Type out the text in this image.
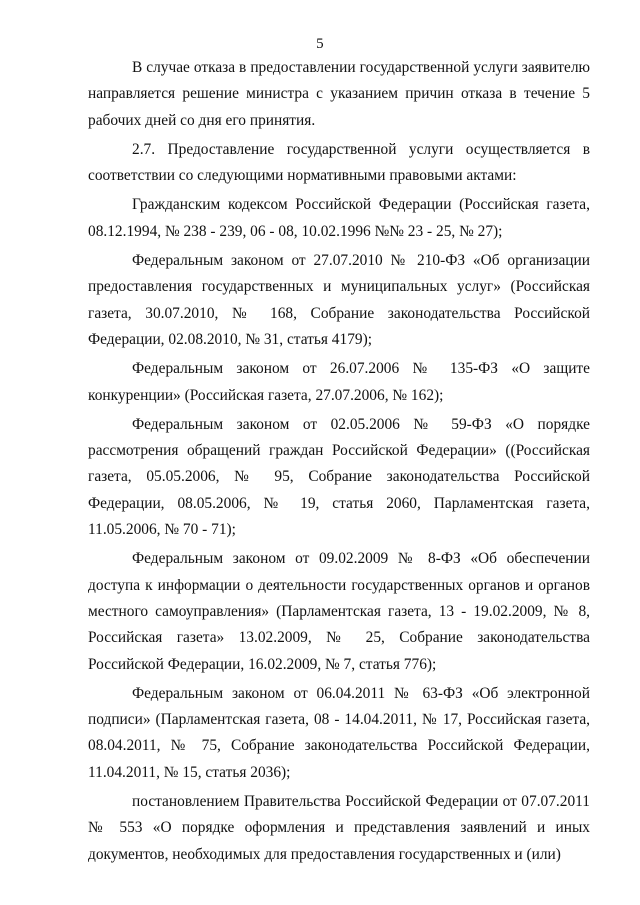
5

В случае отказа в предоставлении государственной услуги заявителю направляется решение министра с указанием причин отказа в течение 5 рабочих дней со дня его принятия.

2.7. Предоставление государственной услуги осуществляется в соответствии со следующими нормативными правовыми актами:

Гражданским кодексом Российской Федерации (Российская газета, 08.12.1994, № 238 - 239, 06 - 08, 10.02.1996 №№ 23 - 25, № 27);

Федеральным законом от 27.07.2010 № 210-ФЗ «Об организации предоставления государственных и муниципальных услуг» (Российская газета, 30.07.2010, № 168, Собрание законодательства Российской Федерации, 02.08.2010, № 31, статья 4179);

Федеральным законом от 26.07.2006 № 135-ФЗ «О защите конкуренции» (Российская газета, 27.07.2006, № 162);

Федеральным законом от 02.05.2006 № 59-ФЗ «О порядке рассмотрения обращений граждан Российской Федерации» ((Российская газета, 05.05.2006, № 95, Собрание законодательства Российской Федерации, 08.05.2006, № 19, статья 2060, Парламентская газета, 11.05.2006, № 70 - 71);

Федеральным законом от 09.02.2009 № 8-ФЗ «Об обеспечении доступа к информации о деятельности государственных органов и органов местного самоуправления» (Парламентская газета, 13 - 19.02.2009, № 8, Российская газета» 13.02.2009, № 25, Собрание законодательства Российской Федерации, 16.02.2009, № 7, статья 776);

Федеральным законом от 06.04.2011 № 63-ФЗ «Об электронной подписи» (Парламентская газета, 08 - 14.04.2011, № 17, Российская газета, 08.04.2011, № 75, Собрание законодательства Российской Федерации, 11.04.2011, № 15, статья 2036);

постановлением Правительства Российской Федерации от 07.07.2011 № 553 «О порядке оформления и представления заявлений и иных документов, необходимых для предоставления государственных и (или)
